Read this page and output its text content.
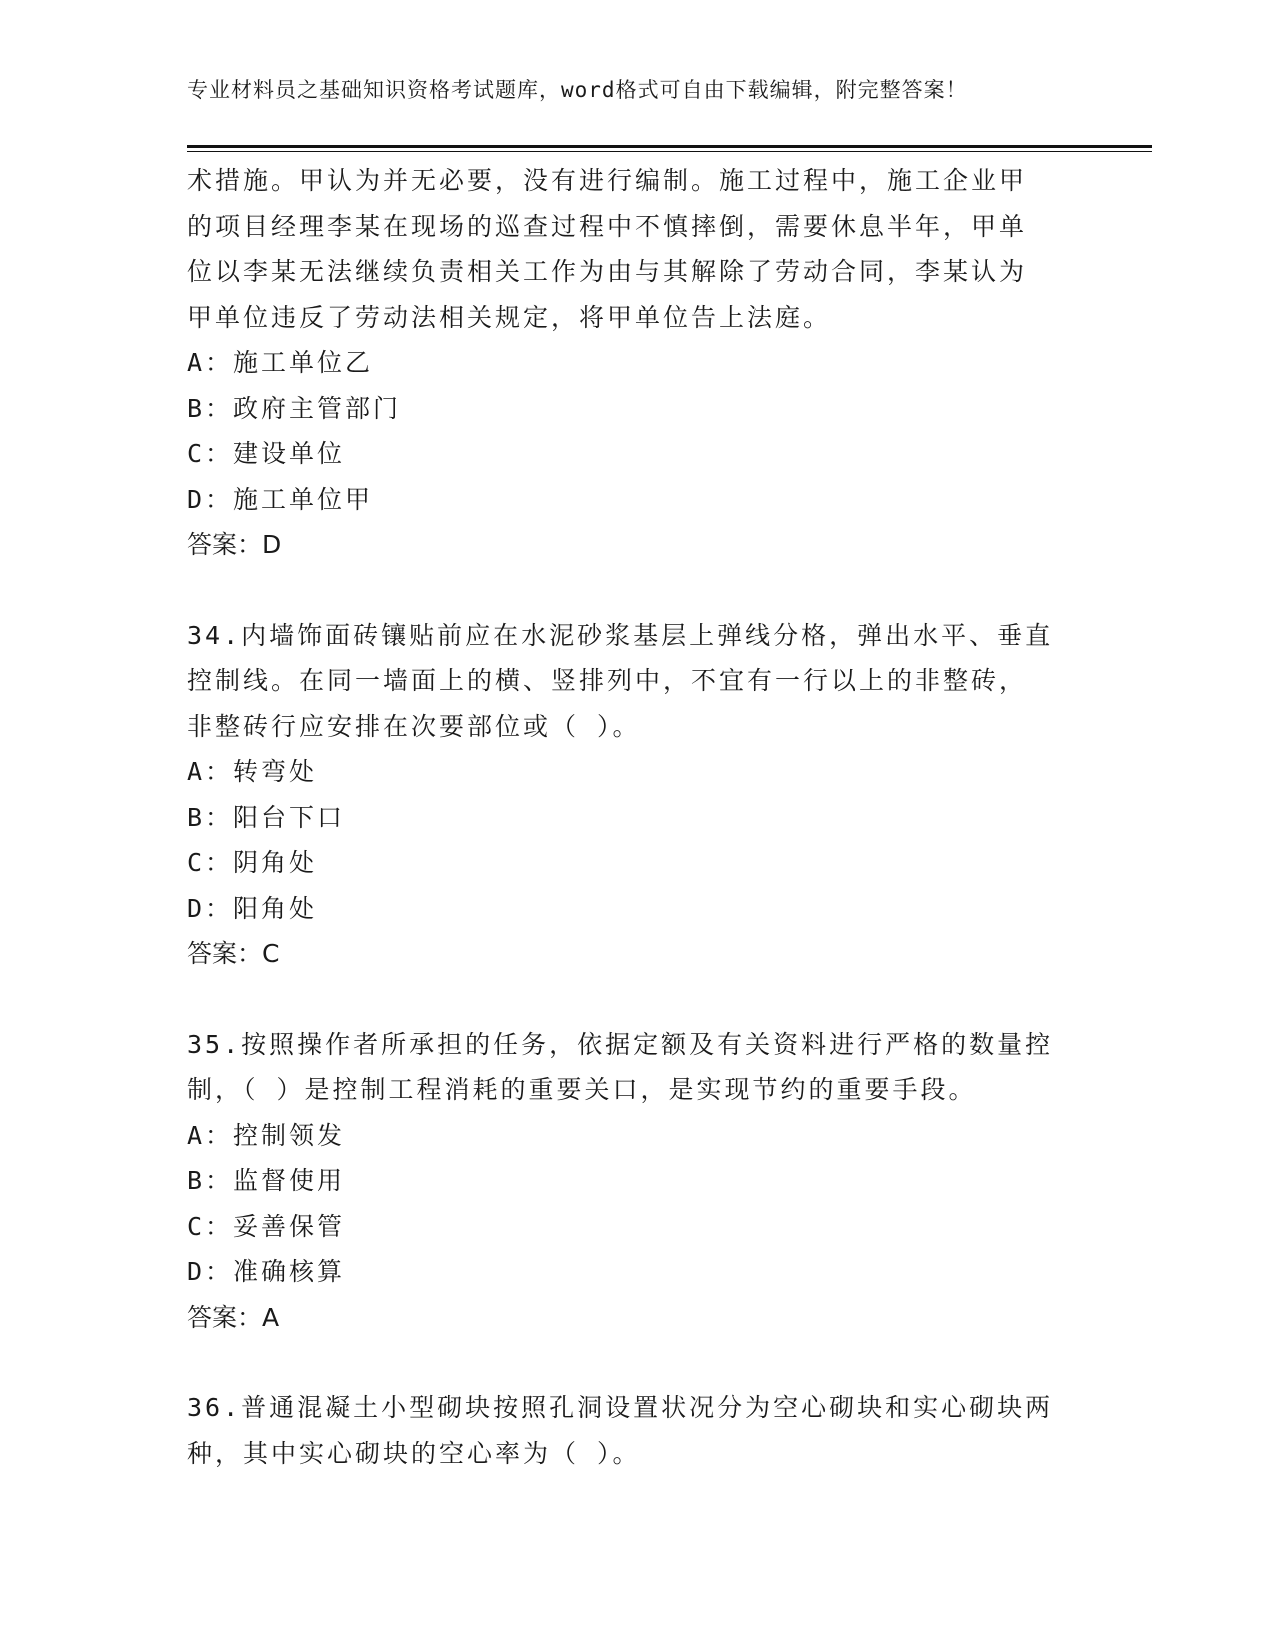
专业材料员之基础知识资格考试题库，word格式可自由下载编辑，附完整答案！
术措施。甲认为并无必要，没有进行编制。施工过程中，施工企业甲
的项目经理李某在现场的巡查过程中不慎摔倒，需要休息半年，甲单
位以李某无法继续负责相关工作为由与其解除了劳动合同，李某认为
甲单位违反了劳动法相关规定，将甲单位告上法庭。
A：施工单位乙
B：政府主管部门
C：建设单位
D：施工单位甲
答案：D
34.内墙饰面砖镶贴前应在水泥砂浆基层上弹线分格，弹出水平、垂直
控制线。在同一墙面上的横、竖排列中，不宜有一行以上的非整砖，
非整砖行应安排在次要部位或（ ）。
A：转弯处
B：阳台下口
C：阴角处
D：阳角处
答案：C
35.按照操作者所承担的任务，依据定额及有关资料进行严格的数量控
制，（ ）是控制工程消耗的重要关口，是实现节约的重要手段。
A：控制领发
B：监督使用
C：妥善保管
D：准确核算
答案：A
36.普通混凝土小型砌块按照孔洞设置状况分为空心砌块和实心砌块两
种，其中实心砌块的空心率为（ ）。
